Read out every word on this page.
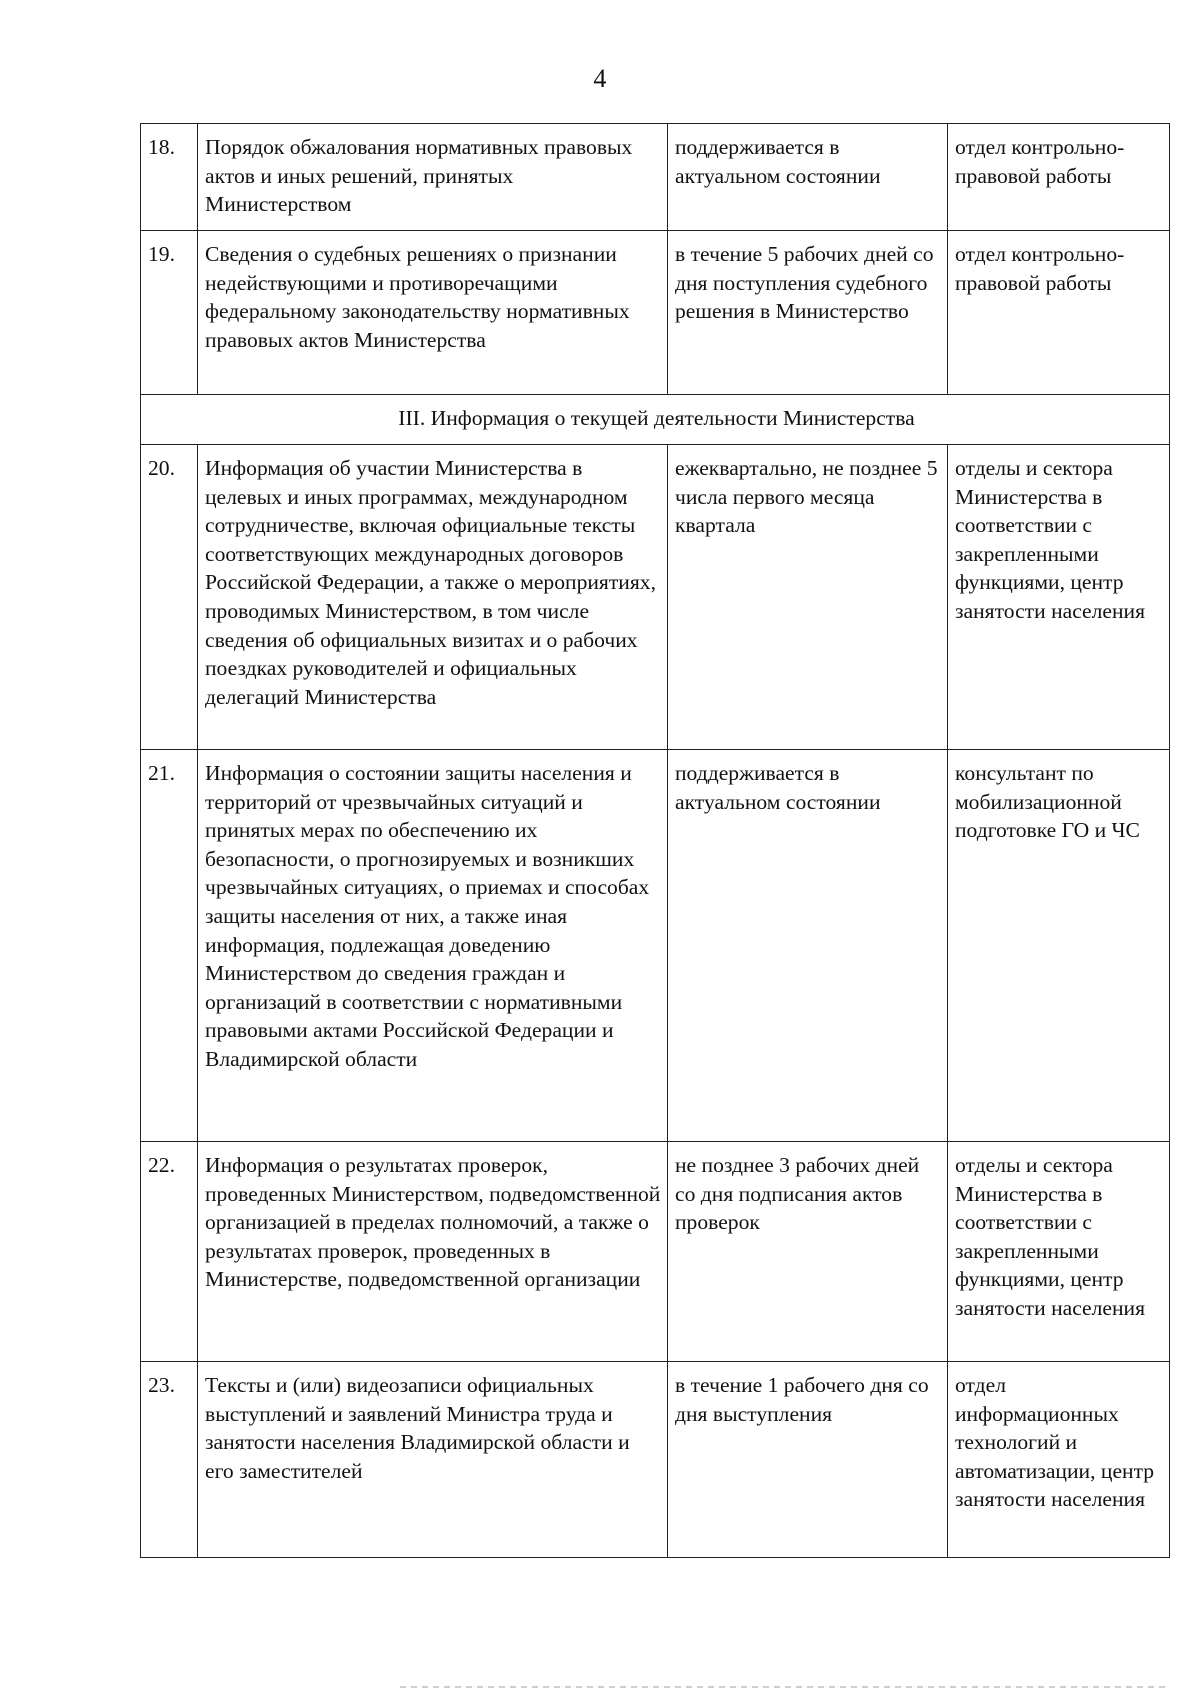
4
18.	Порядок обжалования нормативных правовых актов и иных решений, принятых Министерством	поддерживается в актуальном состоянии	отдел контрольно-правовой работы
19.	Сведения о судебных решениях о признании недействующими и противоречащими федеральному законодательству нормативных правовых актов Министерства	в течение 5 рабочих дней со дня поступления судебного решения в Министерство	отдел контрольно-правовой работы
III. Информация о текущей деятельности Министерства			
20.	Информация об участии Министерства в целевых и иных программах, международном сотрудничестве, включая официальные тексты соответствующих международных договоров Российской Федерации, а также о мероприятиях, проводимых Министерством, в том числе сведения об официальных визитах и о рабочих поездках руководителей и официальных делегаций Министерства	ежеквартально, не позднее 5 числа первого месяца квартала	отделы и сектора Министерства в соответствии с закрепленными функциями, центр занятости населения
21.	Информация о состоянии защиты населения и территорий от чрезвычайных ситуаций и принятых мерах по обеспечению их безопасности, о прогнозируемых и возникших чрезвычайных ситуациях, о приемах и способах защиты населения от них, а также иная информация, подлежащая доведению Министерством до сведения граждан и организаций в соответствии с нормативными правовыми актами Российской Федерации и Владимирской области	поддерживается в актуальном состоянии	консультант по мобилизационной подготовке ГО и ЧС
22.	Информация о результатах проверок, проведенных Министерством, подведомственной организацией в пределах полномочий, а также о результатах проверок, проведенных в Министерстве, подведомственной организации	не позднее 3 рабочих дней со дня подписания актов проверок	отделы и сектора Министерства в соответствии с закрепленными функциями, центр занятости населения
23.	Тексты и (или) видеозаписи официальных выступлений и заявлений Министра труда и занятости населения Владимирской области и его заместителей	в течение 1 рабочего дня со дня выступления	отдел информационных технологий и автоматизации, центр занятости населения
